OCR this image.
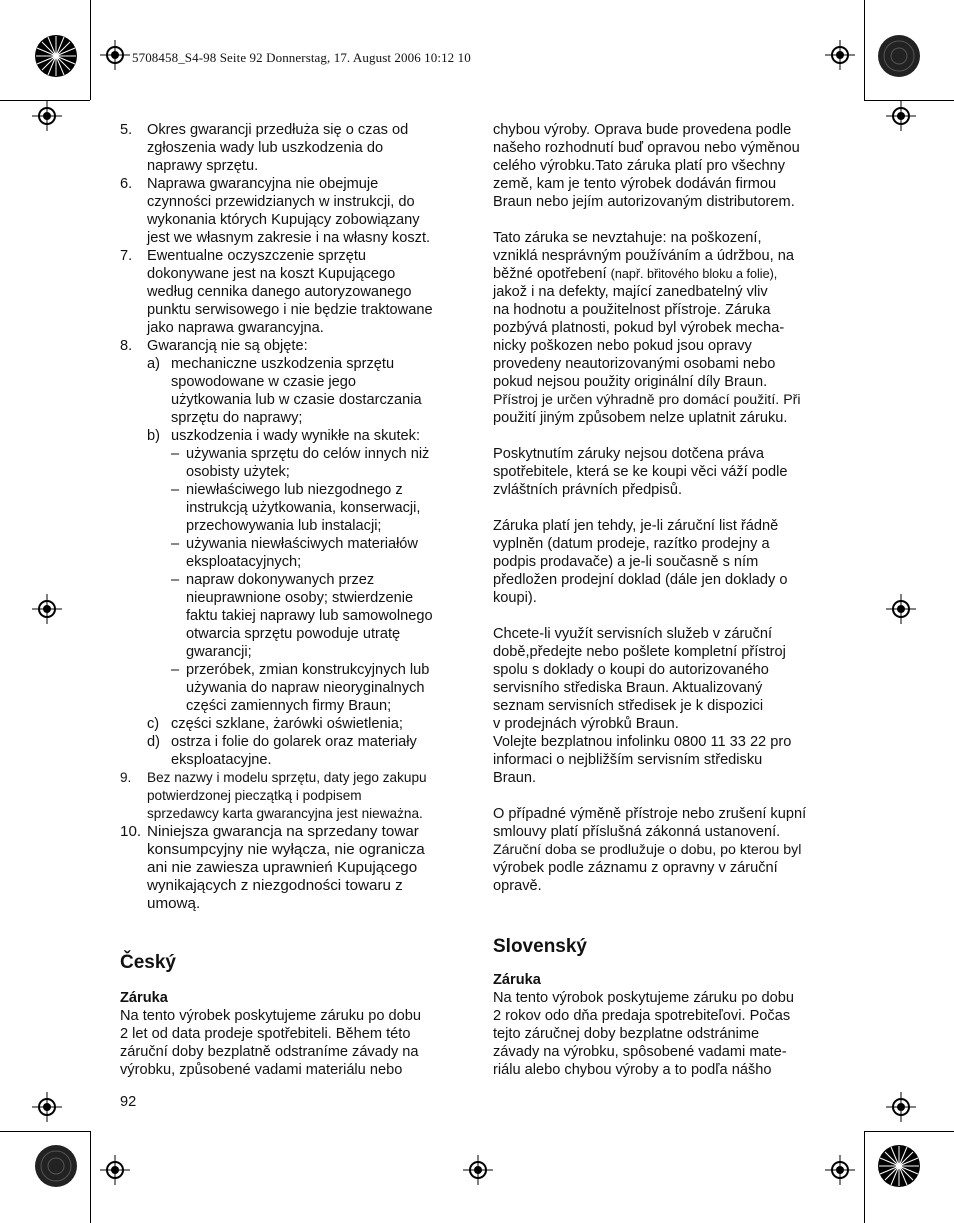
5708458_S4-98 Seite 92 Donnerstag, 17. August 2006 10:12 10
5.	Okres gwarancji przedłuża się o czas od
zgłoszenia wady lub uszkodzenia do
naprawy sprzętu.
6.	Naprawa gwarancyjna nie obejmuje
czynności przewidzianych w instrukcji, do
wykonania których Kupujący zobowiązany
jest we własnym zakresie i na własny koszt.
7.	Ewentualne oczyszczenie sprzętu
dokonywane jest na koszt Kupującego
według cennika danego autoryzowanego
punktu serwisowego i nie będzie traktowane
jako naprawa gwarancyjna.
8.	Gwarancją nie są objęte:
a) mechaniczne uszkodzenia sprzętu
spowodowane w czasie jego
użytkowania lub w czasie dostarczania
sprzętu do naprawy;
b) uszkodzenia i wady wynikłe na skutek:
– używania sprzętu do celów innych niż
osobisty użytek;
– niewłaściwego lub niezgodnego z
instrukcją użytkowania, konserwacji,
przechowywania lub instalacji;
– używania niewłaściwych materiałów
eksploatacyjnych;
– napraw dokonywanych przez
nieuprawnione osoby; stwierdzenie
faktu takiej naprawy lub samowolnego
otwarcia sprzętu powoduje utratę
gwarancji;
– przeróbek, zmian konstrukcyjnych lub
używania do napraw nieoryginalnych
części zamiennych firmy Braun;
c) części szklane, żarówki oświetlenia;
d) ostrza i folie do golarek oraz materiały
eksploatacyjne.
9.	Bez nazwy i modelu sprzętu, daty jego zakupu
potwierdzonej pieczątką i podpisem
sprzedawcy karta gwarancyjna jest nieważna.
10. Niniejsza gwarancja na sprzedany towar
konsumpcyjny nie wyłącza, nie ogranicza
ani nie zawiesza uprawnień Kupującego
wynikających z niezgodności towaru z
umową.
Český
Záruka
Na tento výrobek poskytujeme záruku po dobu
2 let od data prodeje spotřebiteli. Během této
záruční doby bezplatně odstraníme závady na
výrobku, způsobené vadami materiálu nebo
92
chybou výroby. Oprava bude provedena podle
našeho rozhodnutí buď opravou nebo výměnou
celého výrobku.Tato záruka platí pro všechny
země, kam je tento výrobek dodáván firmou
Braun nebo jejím autorizovaným distributorem.
Tato záruka se nevztahuje: na poškození,
vzniklá nesprávným používáním a údržbou, na
běžné opotřebení (např. břitového bloku a folie),
jakož i na defekty, mající zanedbatelný vliv
na hodnotu a použitelnost přístroje. Záruka
pozbývá platnosti, pokud byl výrobek mecha-
nicky poškozen nebo pokud jsou opravy
provedeny neautorizovanými osobami nebo
pokud nejsou použity originální díly Braun.
Přístroj je určen výhradně pro domácí použití. Při
použití jiným způsobem nelze uplatnit záruku.
Poskytnutím záruky nejsou dotčena práva
spotřebitele, která se ke koupi věci váží podle
zvláštních právních předpisů.
Záruka platí jen tehdy, je-li záruční list řádně
vyplněn (datum prodeje, razítko prodejny a
podpis prodavače) a je-li současně s ním
předložen prodejní doklad (dále jen doklady o
koupi).
Chcete-li využít servisních služeb v záruční
době,předejte nebo pošlete kompletní přístroj
spolu s doklady o koupi do autorizovaného
servisního střediska Braun. Aktualizovaný
seznam servisních středisek je k dispozici
v prodejnách výrobků Braun.
Volejte bezplatnou infolinku 0800 11 33 22 pro
informaci o nejbližším servisním středisku
Braun.
O případné výměně přístroje nebo zrušení kupní
smlouvy platí příslušná zákonná ustanovení.
Záruční doba se prodlužuje o dobu, po kterou byl
výrobek podle záznamu z opravny v záruční
opravě.
Slovenský
Záruka
Na tento výrobok poskytujeme záruku po dobu
2 rokov odo dňa predaja spotrebiteľovi. Počas
tejto záručnej doby bezplatne odstránime
závady na výrobku, spôsobené vadami mate-
riálu alebo chybou výroby a to podľa nášho
